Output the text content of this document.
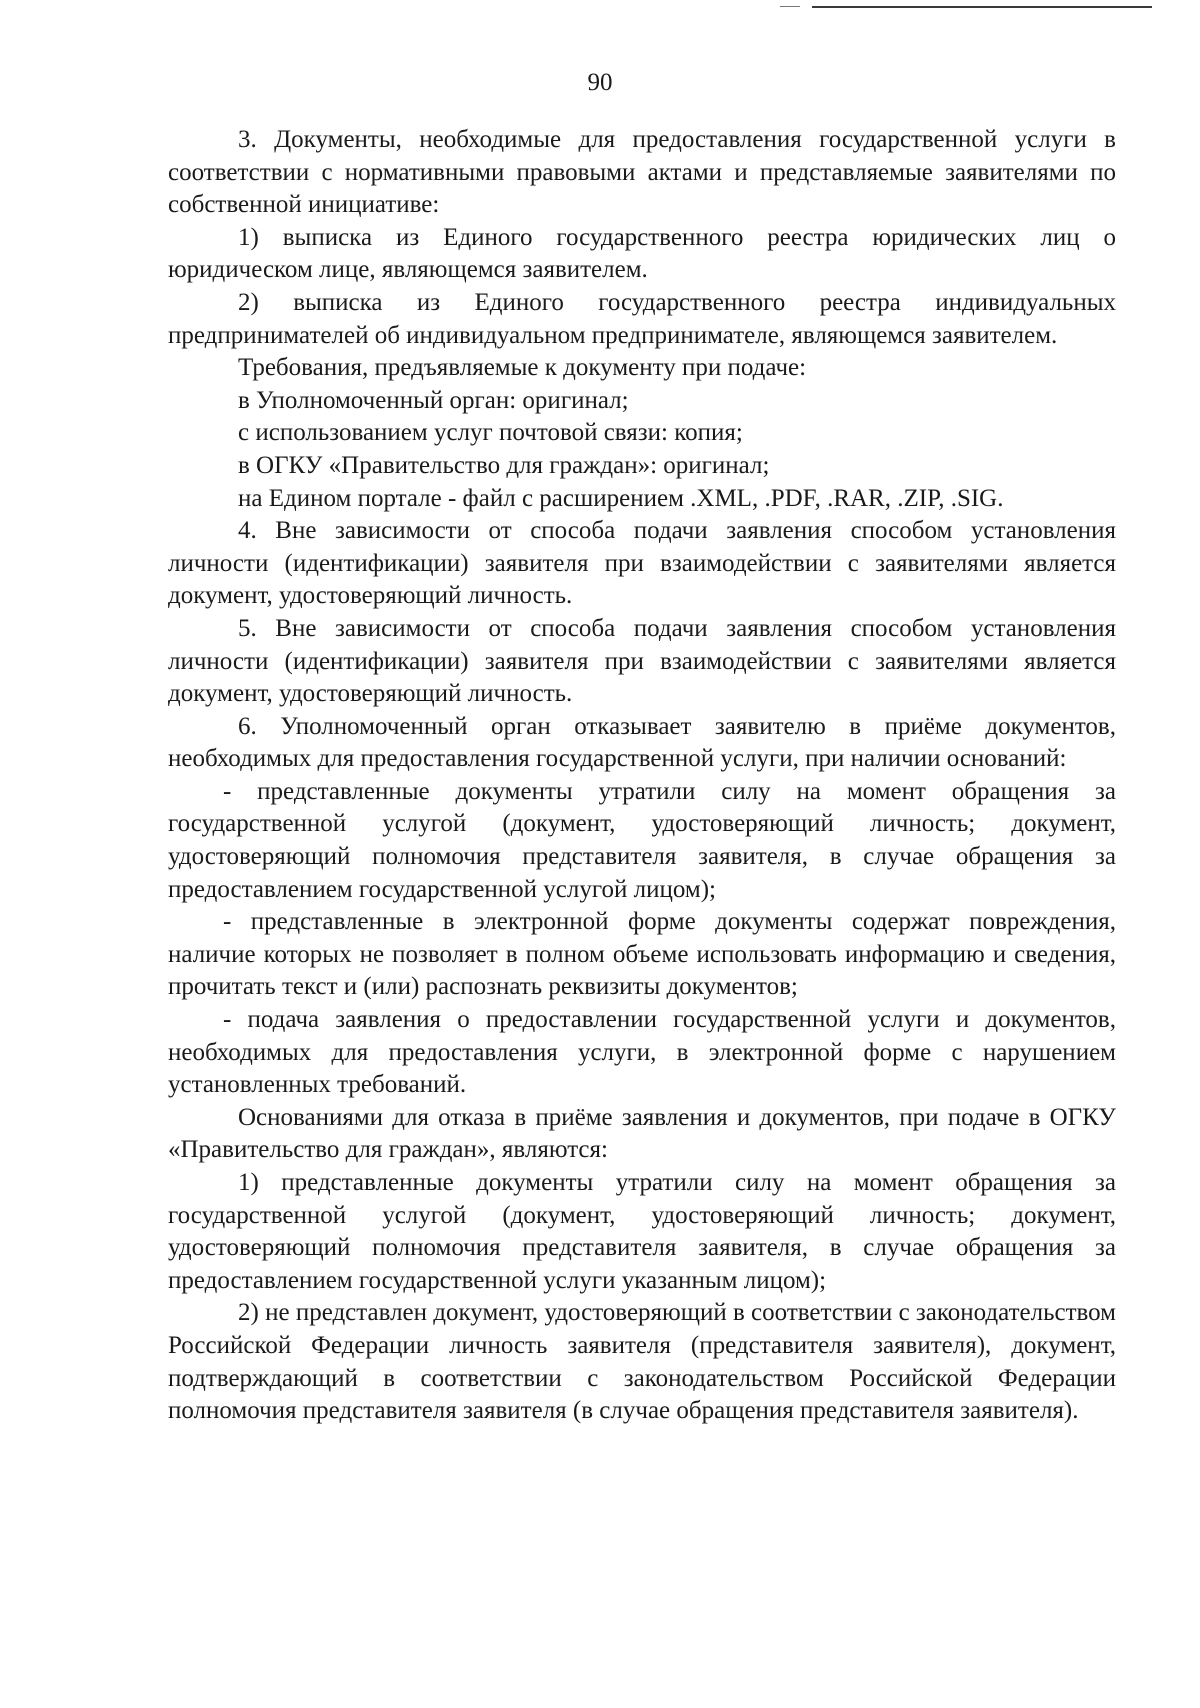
90

3. Документы, необходимые для предоставления государственной услуги в соответствии с нормативными правовыми актами и представляемые заявителями по собственной инициативе:

1) выписка из Единого государственного реестра юридических лиц о юридическом лице, являющемся заявителем.

2) выписка из Единого государственного реестра индивидуальных предпринимателей об индивидуальном предпринимателе, являющемся заявителем.

Требования, предъявляемые к документу при подаче:

в Уполномоченный орган: оригинал;

с использованием услуг почтовой связи: копия;

в ОГКУ «Правительство для граждан»: оригинал;

на Едином портале - файл с расширением .XML, .PDF, .RAR, .ZIP, .SIG.

4. Вне зависимости от способа подачи заявления способом установления личности (идентификации) заявителя при взаимодействии с заявителями является документ, удостоверяющий личность.

5. Вне зависимости от способа подачи заявления способом установления личности (идентификации) заявителя при взаимодействии с заявителями является документ, удостоверяющий личность.

6. Уполномоченный орган отказывает заявителю в приёме документов, необходимых для предоставления государственной услуги, при наличии оснований:

- представленные документы утратили силу на момент обращения за государственной услугой (документ, удостоверяющий личность; документ, удостоверяющий полномочия представителя заявителя, в случае обращения за предоставлением государственной услугой лицом);

- представленные в электронной форме документы содержат повреждения, наличие которых не позволяет в полном объеме использовать информацию и сведения, прочитать текст и (или) распознать реквизиты документов;

- подача заявления о предоставлении государственной услуги и документов, необходимых для предоставления услуги, в электронной форме с нарушением установленных требований.

Основаниями для отказа в приёме заявления и документов, при подаче в ОГКУ «Правительство для граждан», являются:

1) представленные документы утратили силу на момент обращения за государственной услугой (документ, удостоверяющий личность; документ, удостоверяющий полномочия представителя заявителя, в случае обращения за предоставлением государственной услуги указанным лицом);

2) не представлен документ, удостоверяющий в соответствии с законодательством Российской Федерации личность заявителя (представителя заявителя), документ, подтверждающий в соответствии с законодательством Российской Федерации полномочия представителя заявителя (в случае обращения представителя заявителя).
